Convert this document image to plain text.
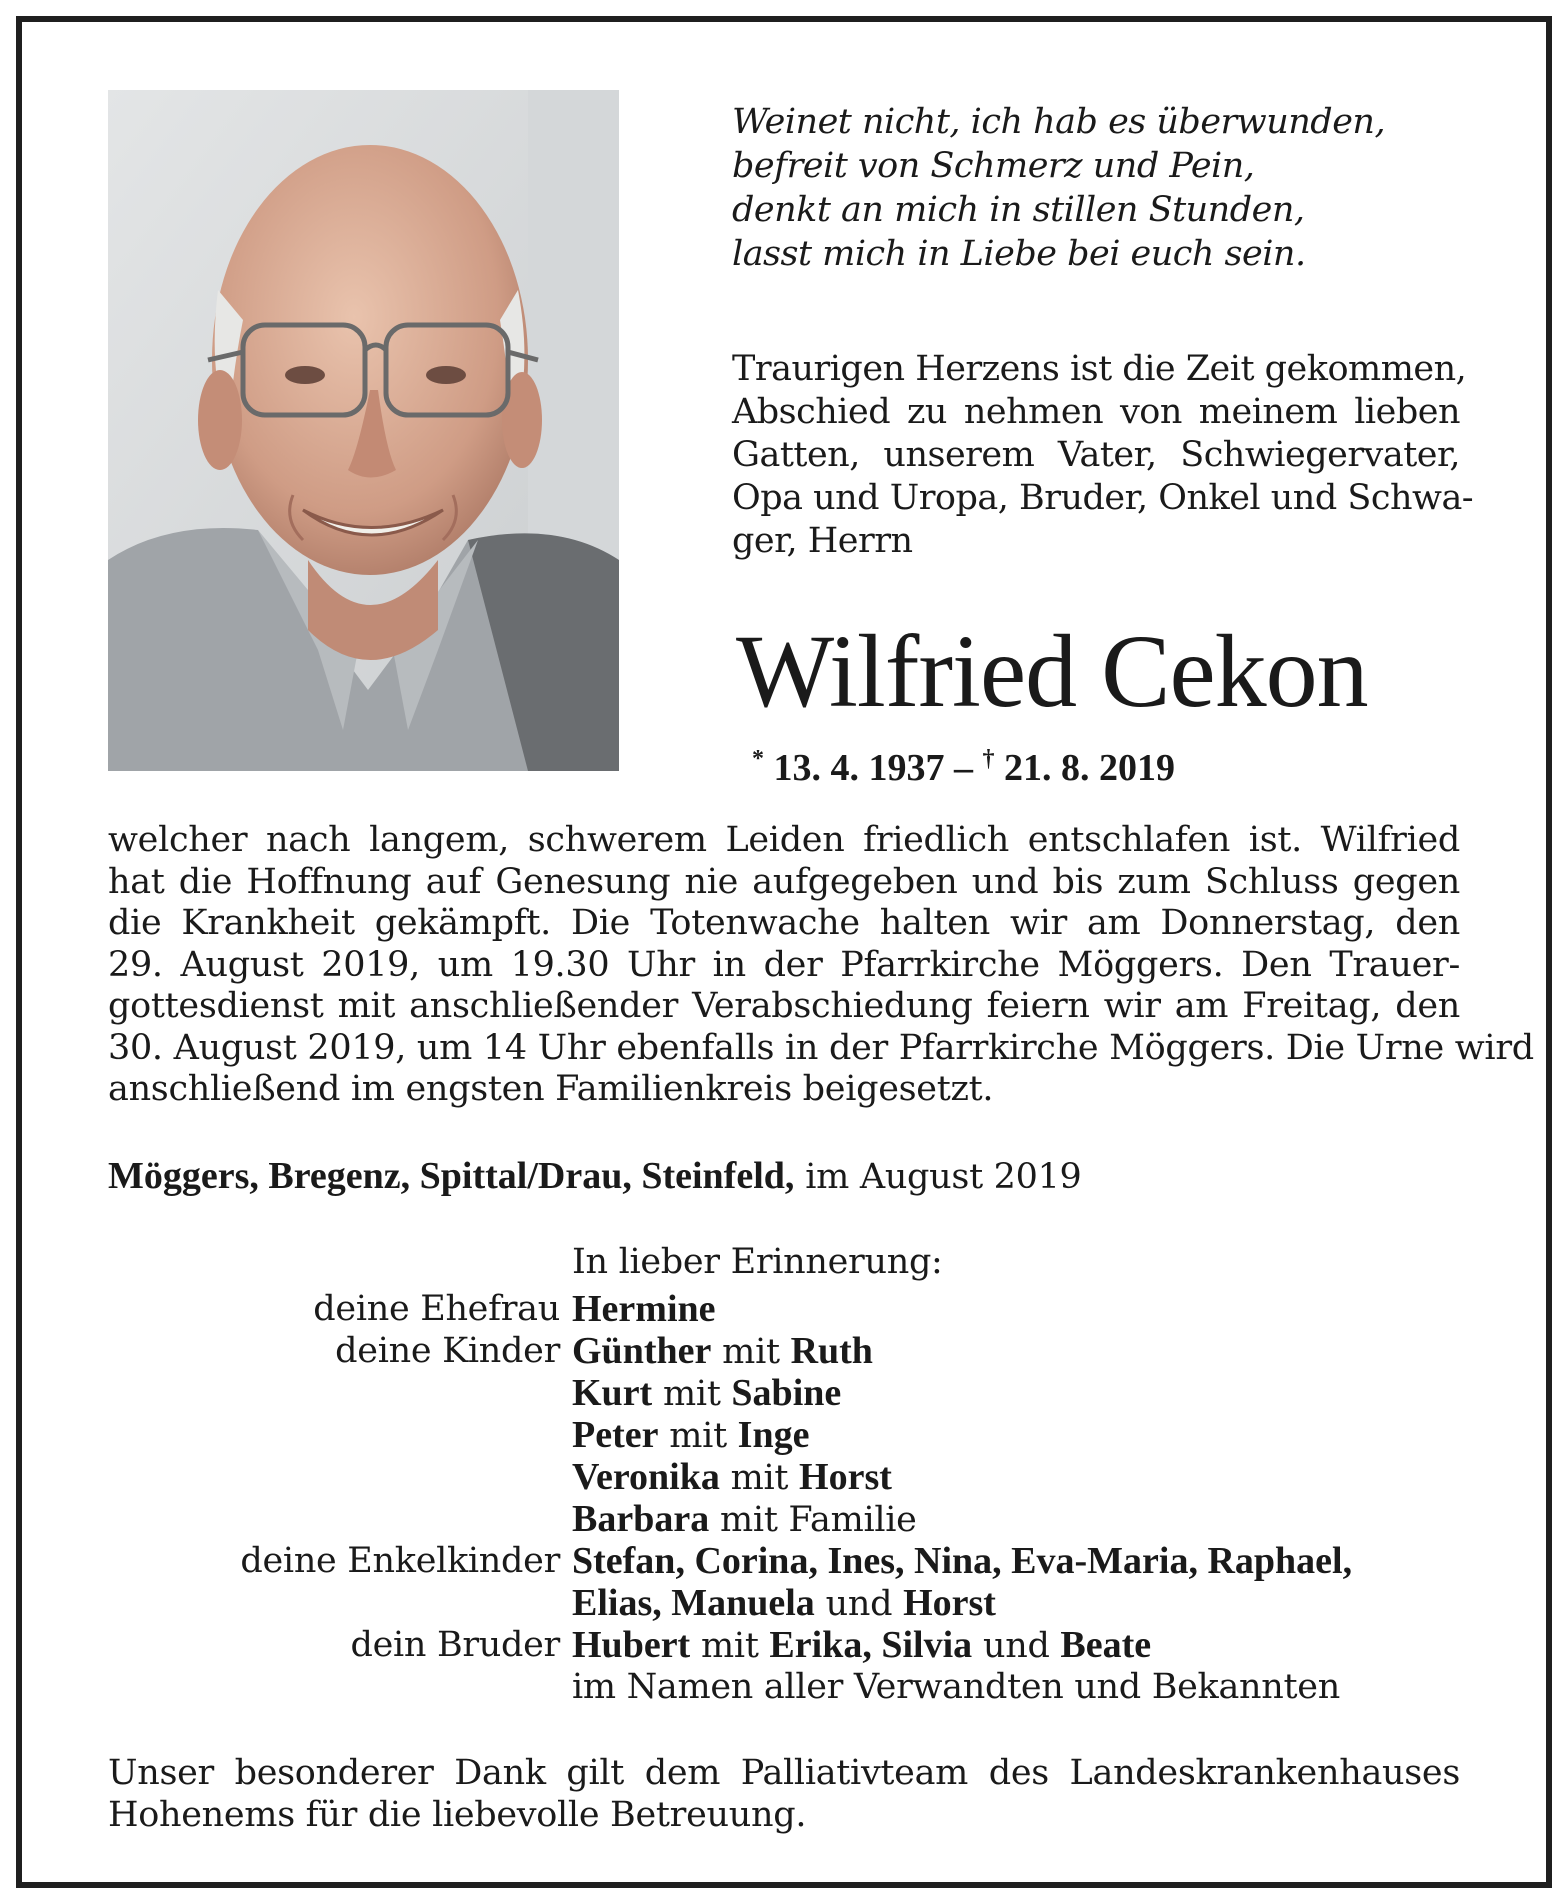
Weinet nicht, ich hab es überwunden,
befreit von Schmerz und Pein,
denkt an mich in stillen Stunden,
lasst mich in Liebe bei euch sein.
Traurigen Herzens ist die Zeit gekommen,
Abschied zu nehmen von meinem lieben
Gatten, unserem Vater, Schwiegervater,
Opa und Uropa, Bruder, Onkel und Schwa-
ger, Herrn
Wilfried Cekon
* 13. 4. 1937 – † 21. 8. 2019
welcher nach langem, schwerem Leiden friedlich entschlafen ist. Wilfried
hat die Hoffnung auf Genesung nie aufgegeben und bis zum Schluss gegen
die Krankheit gekämpft. Die Totenwache halten wir am Donnerstag, den
29. August 2019, um 19.30 Uhr in der Pfarrkirche Möggers. Den Trauer-
gottesdienst mit anschließender Verabschiedung feiern wir am Freitag, den
30. August 2019, um 14 Uhr ebenfalls in der Pfarrkirche Möggers. Die Urne wird
anschließend im engsten Familienkreis beigesetzt.
Möggers, Bregenz, Spittal/Drau, Steinfeld, im August 2019
In lieber Erinnerung:
deine Ehefrau Hermine
deine Kinder Günther mit Ruth
Kurt mit Sabine
Peter mit Inge
Veronika mit Horst
Barbara mit Familie
deine Enkelkinder Stefan, Corina, Ines, Nina, Eva-Maria, Raphael,
Elias, Manuela und Horst
dein Bruder Hubert mit Erika, Silvia und Beate
im Namen aller Verwandten und Bekannten
Unser besonderer Dank gilt dem Palliativteam des Landeskrankenhauses
Hohenems für die liebevolle Betreuung.
